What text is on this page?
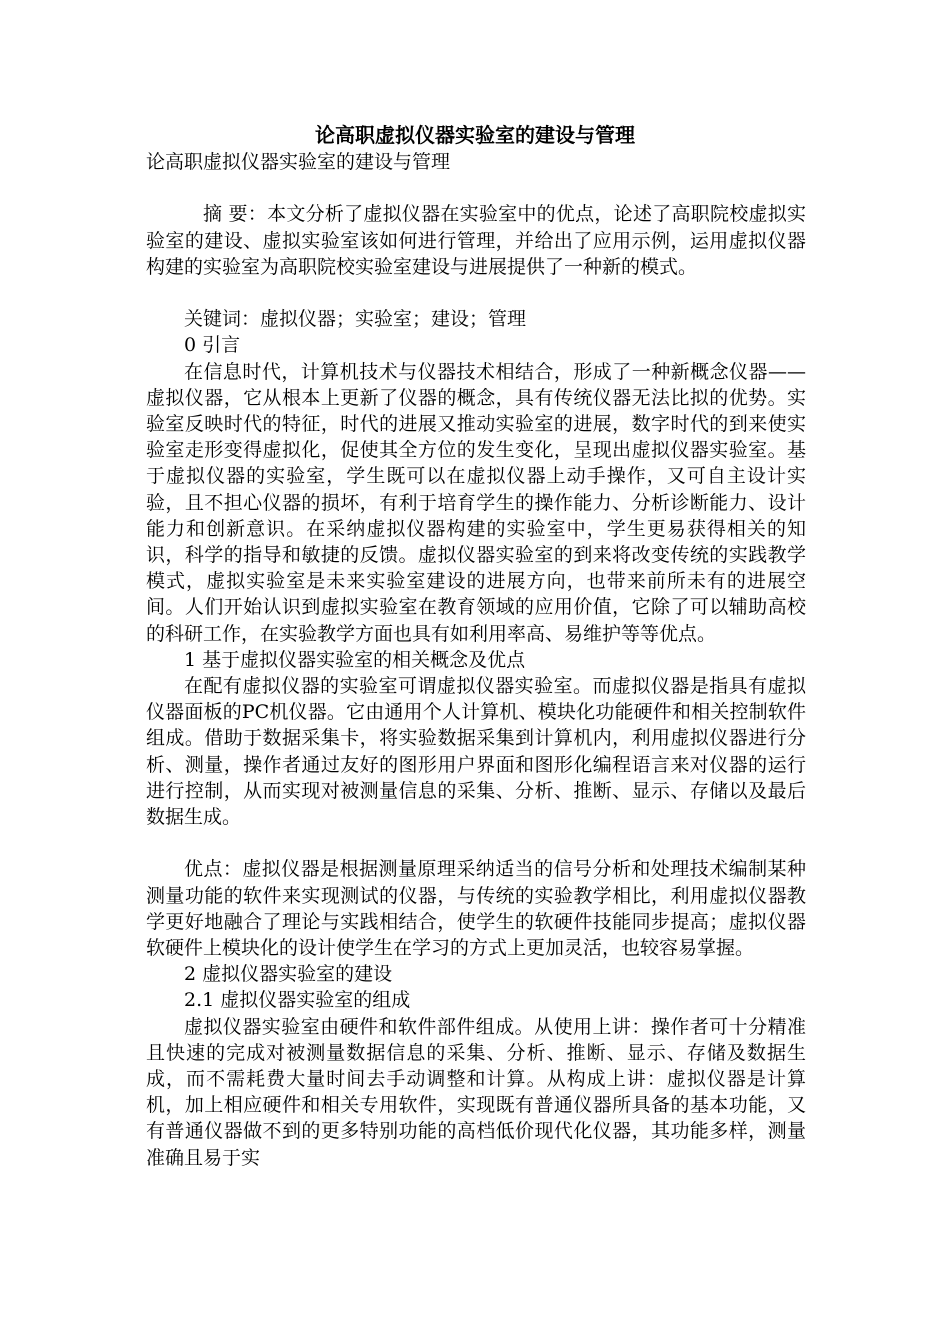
论高职虚拟仪器实验室的建设与管理

论高职虚拟仪器实验室的建设与管理

摘 要：本文分析了虚拟仪器在实验室中的优点，论述了高职院校虚拟实验室的建设、虚拟实验室该如何进行管理，并给出了应用示例，运用虚拟仪器构建的实验室为高职院校实验室建设与进展提供了一种新的模式。

关键词：虚拟仪器；实验室；建设；管理

0 引言

在信息时代，计算机技术与仪器技术相结合，形成了一种新概念仪器——虚拟仪器，它从根本上更新了仪器的概念，具有传统仪器无法比拟的优势。实验室反映时代的特征，时代的进展又推动实验室的进展，数字时代的到来使实验室走形变得虚拟化，促使其全方位的发生变化，呈现出虚拟仪器实验室。基于虚拟仪器的实验室，学生既可以在虚拟仪器上动手操作，又可自主设计实验，且不担心仪器的损坏，有利于培育学生的操作能力、分析诊断能力、设计能力和创新意识。在采纳虚拟仪器构建的实验室中，学生更易获得相关的知识，科学的指导和敏捷的反馈。虚拟仪器实验室的到来将改变传统的实践教学模式，虚拟实验室是未来实验室建设的进展方向，也带来前所未有的进展空间。人们开始认识到虚拟实验室在教育领域的应用价值，它除了可以辅助高校的科研工作，在实验教学方面也具有如利用率高、易维护等等优点。

1 基于虚拟仪器实验室的相关概念及优点

在配有虚拟仪器的实验室可谓虚拟仪器实验室。而虚拟仪器是指具有虚拟仪器面板的PC机仪器。它由通用个人计算机、模块化功能硬件和相关控制软件组成。借助于数据采集卡，将实验数据采集到计算机内，利用虚拟仪器进行分析、测量，操作者通过友好的图形用户界面和图形化编程语言来对仪器的运行进行控制，从而实现对被测量信息的采集、分析、推断、显示、存储以及最后数据生成。

优点：虚拟仪器是根据测量原理采纳适当的信号分析和处理技术编制某种测量功能的软件来实现测试的仪器，与传统的实验教学相比，利用虚拟仪器教学更好地融合了理论与实践相结合，使学生的软硬件技能同步提高；虚拟仪器软硬件上模块化的设计使学生在学习的方式上更加灵活，也较容易掌握。

2 虚拟仪器实验室的建设

2.1 虚拟仪器实验室的组成

虚拟仪器实验室由硬件和软件部件组成。从使用上讲：操作者可十分精准且快速的完成对被测量数据信息的采集、分析、推断、显示、存储及数据生成，而不需耗费大量时间去手动调整和计算。从构成上讲：虚拟仪器是计算机，加上相应硬件和相关专用软件，实现既有普通仪器所具备的基本功能，又有普通仪器做不到的更多特别功能的高档低价现代化仪器，其功能多样，测量准确且易于实
